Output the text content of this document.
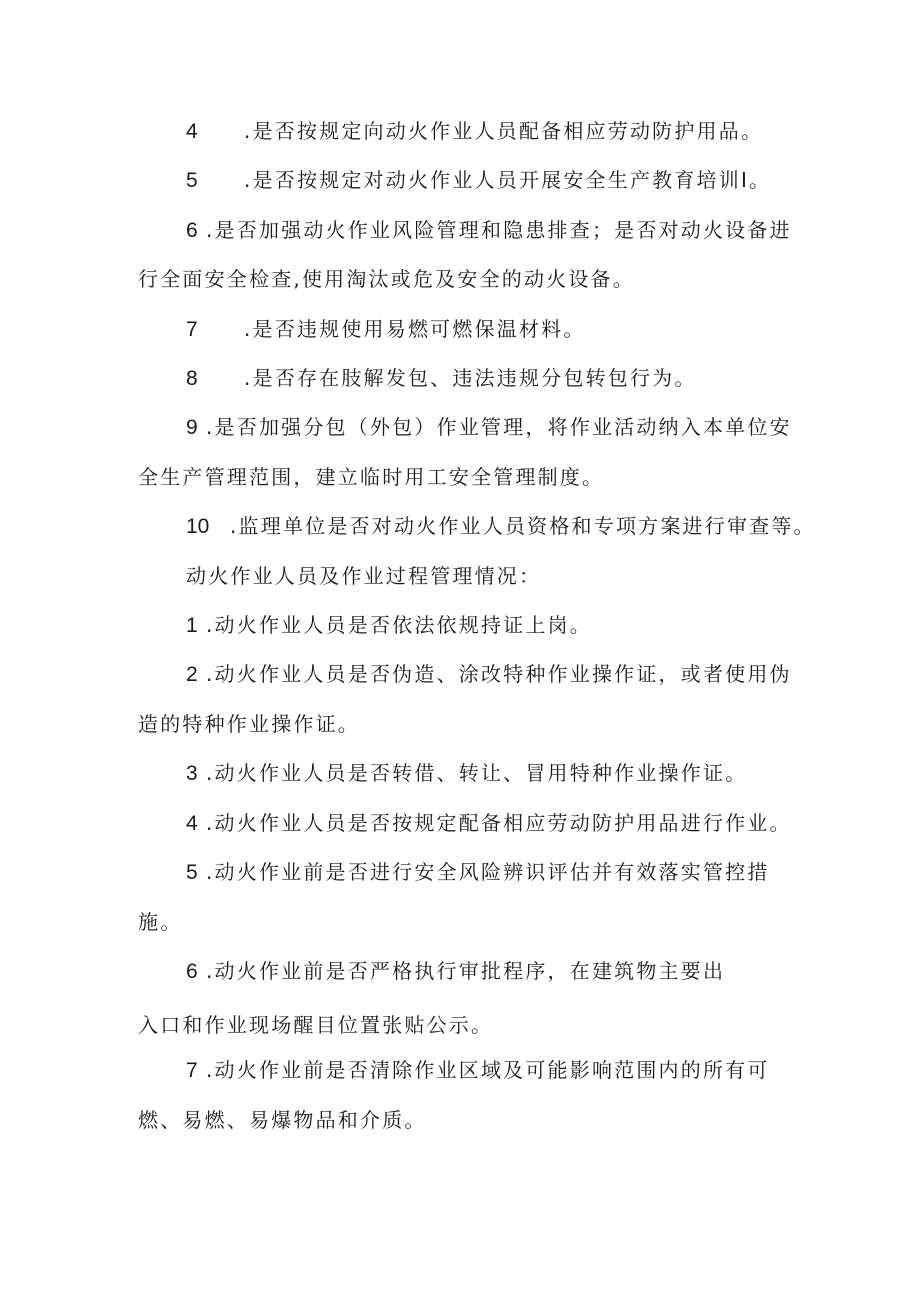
4 .是否按规定向动火作业人员配备相应劳动防护用品。
5 .是否按规定对动火作业人员开展安全生产教育培训I。
6 .是否加强动火作业风险管理和隐患排查；是否对动火设备进
行全面安全检查,使用淘汰或危及安全的动火设备。
7 .是否违规使用易燃可燃保温材料。
8 .是否存在肢解发包、违法违规分包转包行为。
9 .是否加强分包（外包）作业管理，将作业活动纳入本单位安
全生产管理范围，建立临时用工安全管理制度。
10 .监理单位是否对动火作业人员资格和专项方案进行审查等。
动火作业人员及作业过程管理情况：
1 .动火作业人员是否依法依规持证上岗。
2 .动火作业人员是否伪造、涂改特种作业操作证，或者使用伪
造的特种作业操作证。
3 .动火作业人员是否转借、转让、冒用特种作业操作证。
4 .动火作业人员是否按规定配备相应劳动防护用品进行作业。
5 .动火作业前是否进行安全风险辨识评估并有效落实管控措
施。
6 .动火作业前是否严格执行审批程序，在建筑物主要出
入口和作业现场醒目位置张贴公示。
7 .动火作业前是否清除作业区域及可能影响范围内的所有可
燃、易燃、易爆物品和介质。
